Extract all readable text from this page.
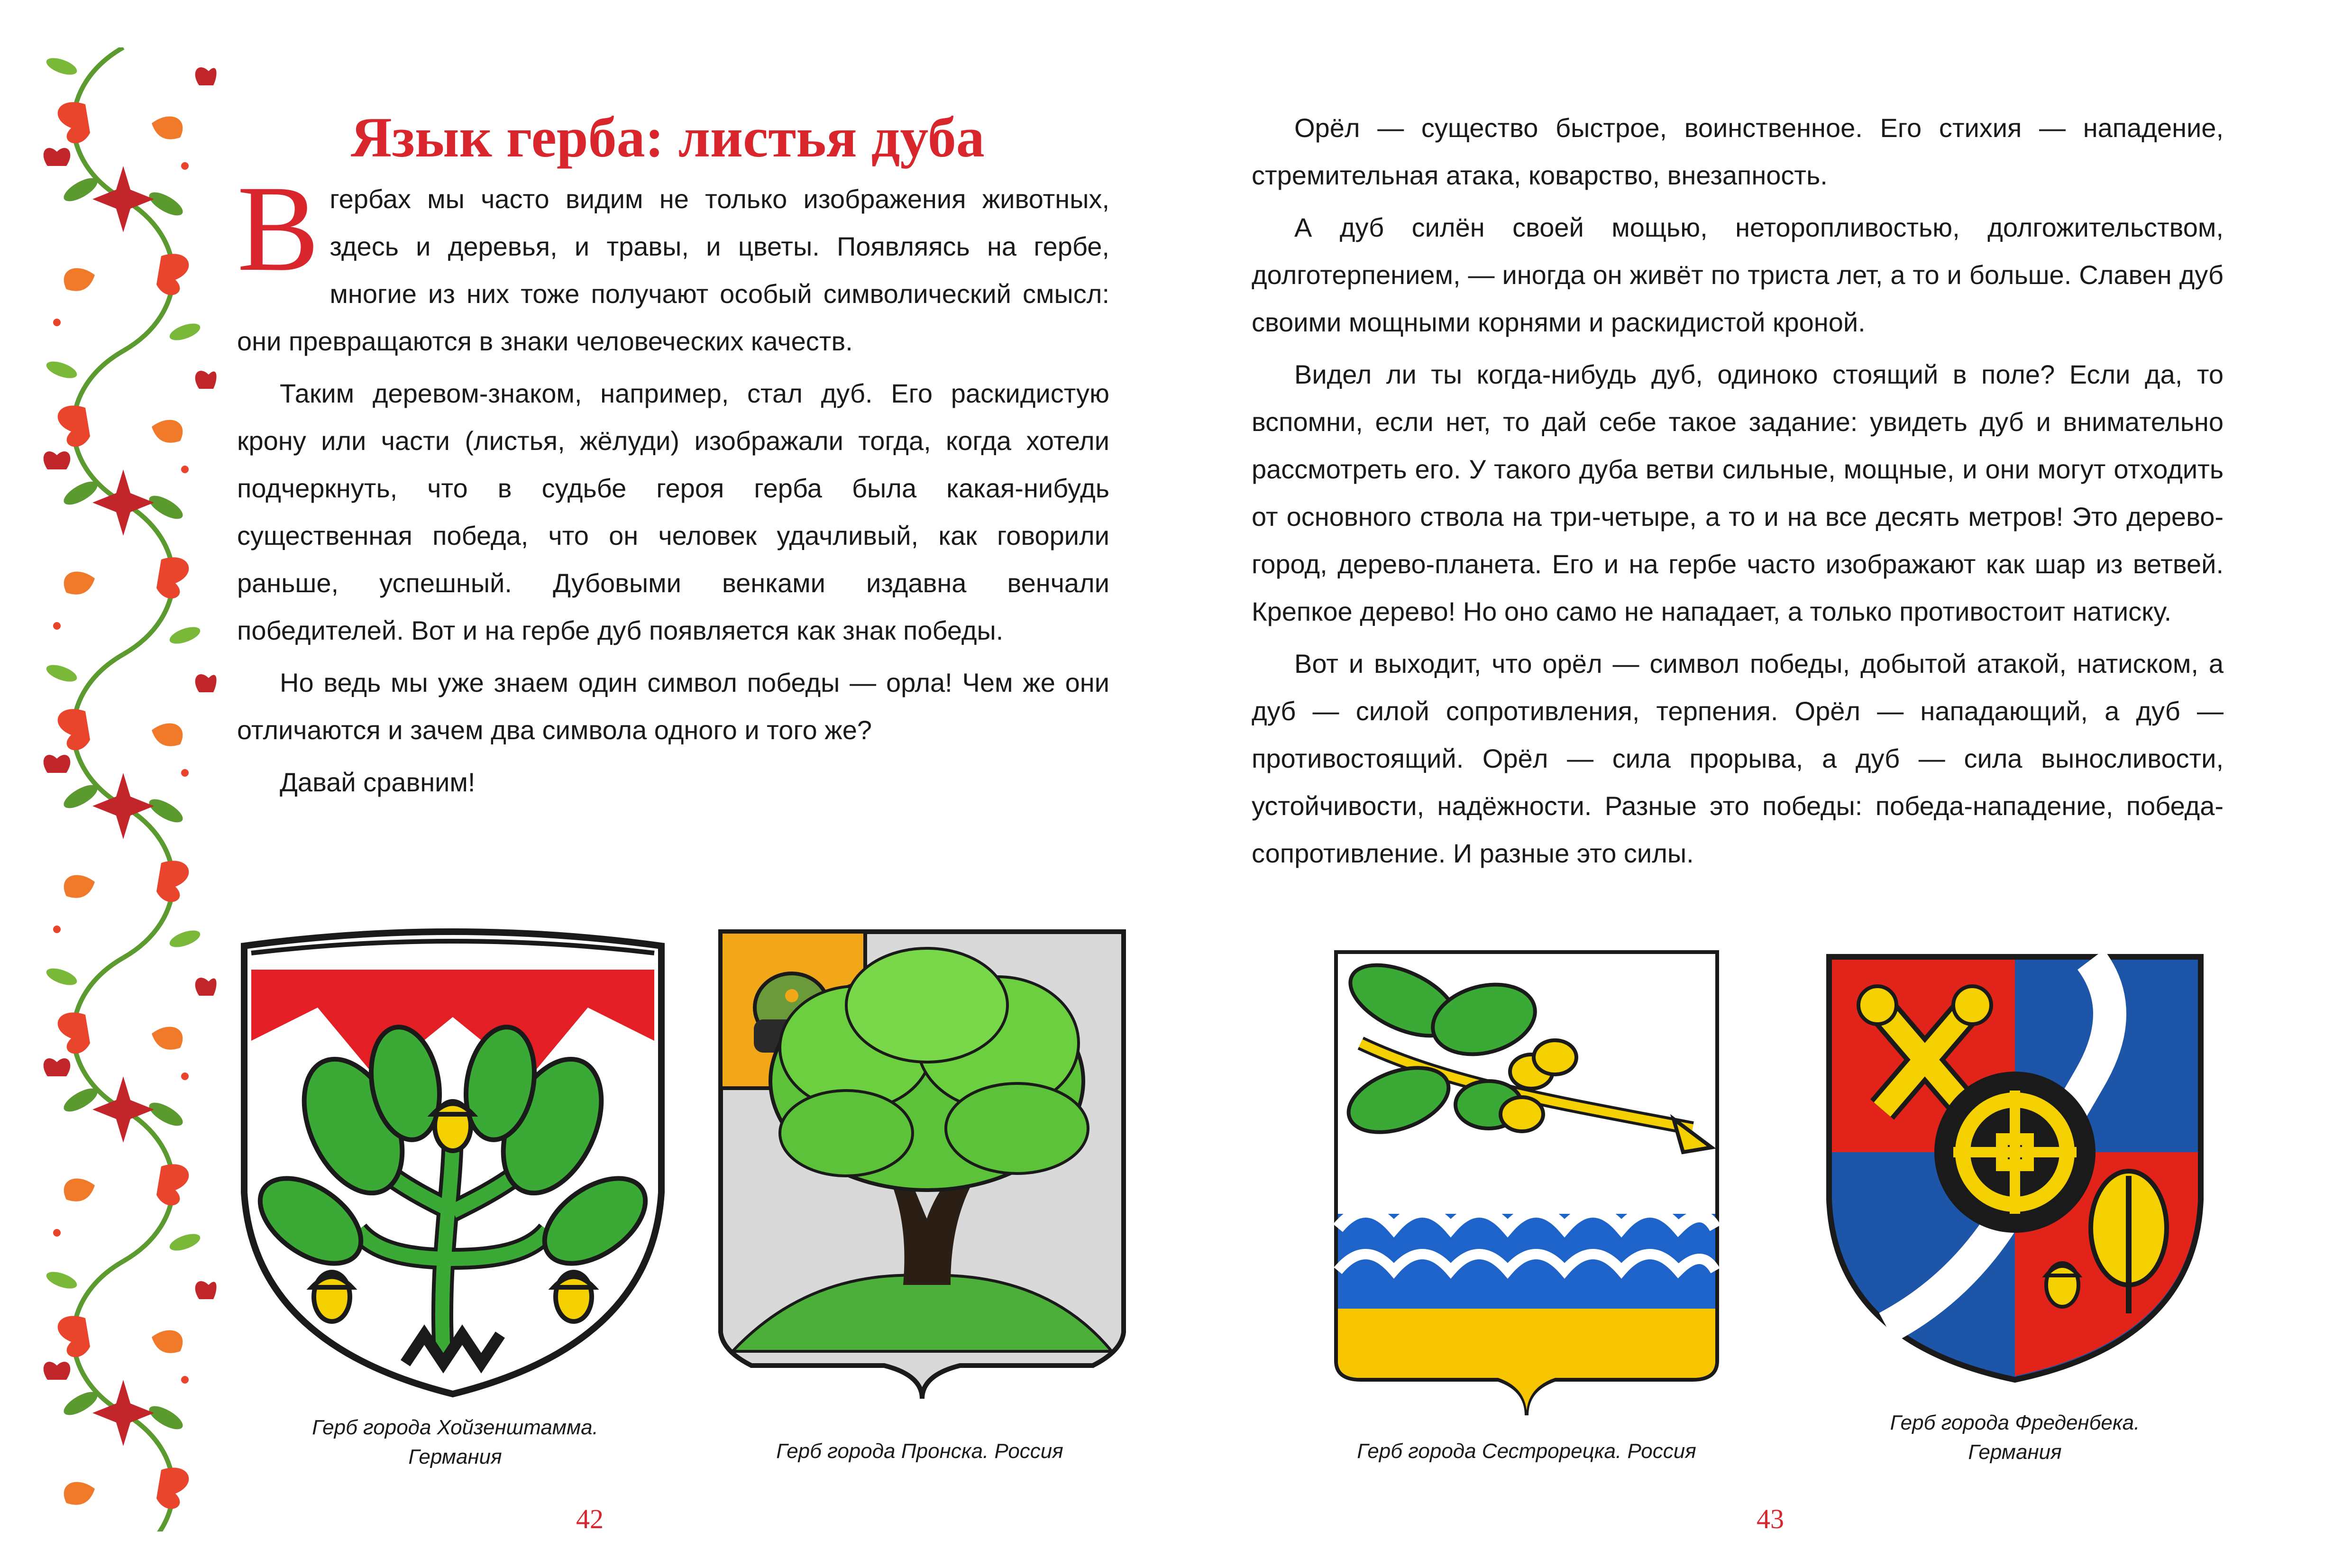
Язык герба: листья дуба

Вгербах мы часто видим не только изображения животных, здесь и деревья, и травы, и цветы. Появляясь на гербе, многие из них тоже получают особый символический смысл: они превращаются в знаки человеческих качеств.

Таким деревом-знаком, например, стал дуб. Его раскидистую крону или части (листья, жёлуди) изображали тогда, когда хотели подчеркнуть, что в судьбе героя герба была какая-нибудь существенная победа, что он человек удачливый, как говорили раньше, успешный. Дубовыми венками издавна венчали победителей. Вот и на гербе дуб появляется как знак победы.

Но ведь мы уже знаем один символ победы — орла! Чем же они отличаются и зачем два символа одного и того же?

Давай сравним!

Герб города Хойзенштамма. Германия	Герб города Пронска. Россия
42

Орёл — существо быстрое, воинственное. Его стихия — нападение, стремительная атака, коварство, внезапность.

А дуб силён своей мощью, неторопливостью, долгожительством, долготерпением, — иногда он живёт по триста лет, а то и больше. Славен дуб своими мощными корнями и раскидистой кроной.

Видел ли ты когда-нибудь дуб, одиноко стоящий в поле? Если да, то вспомни, если нет, то дай себе такое задание: увидеть дуб и внимательно рассмотреть его. У такого дуба ветви сильные, мощные, и они могут отходить от основного ствола на три-четыре, а то и на все десять метров! Это дерево-город, дерево-планета. Его и на гербе часто изображают как шар из ветвей. Крепкое дерево! Но оно само не нападает, а только противостоит натиску.

Вот и выходит, что орёл — символ победы, добытой атакой, натиском, а дуб — силой сопротивления, терпения. Орёл — нападающий, а дуб — противостоящий. Орёл — сила прорыва, а дуб — сила выносливости, устойчивости, надёжности. Разные это победы: победа-нападение, победа-сопротивление. И разные это силы.

Герб города Сестрорецка. Россия
Герб города Фреденбека. Германия
43
